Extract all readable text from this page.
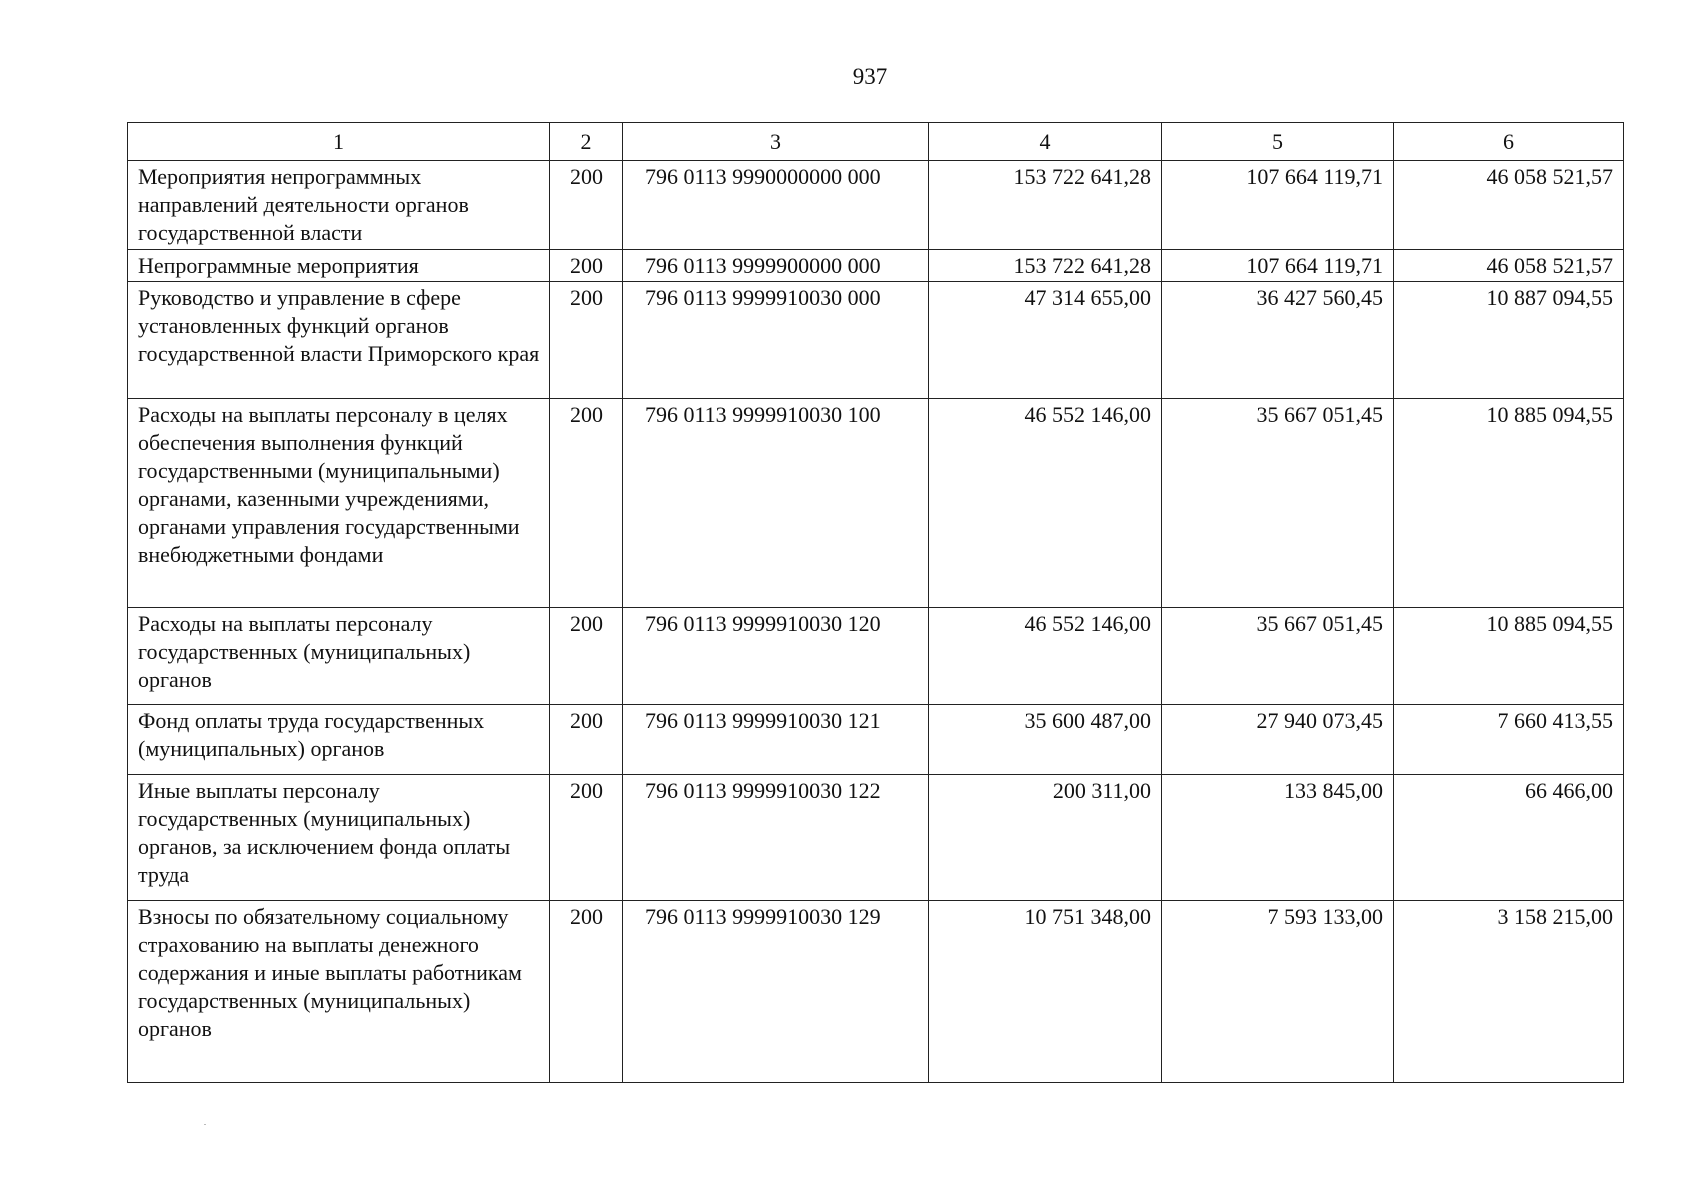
937
1	2	3	4	5	6
Мероприятия непрограммных направлений деятельности органов государственной власти	200	796 0113 9990000000 000	153 722 641,28	107 664 119,71	46 058 521,57
Непрограммные мероприятия	200	796 0113 9999900000 000	153 722 641,28	107 664 119,71	46 058 521,57
Руководство и управление в сфере установленных функций органов государственной власти Приморского края	200	796 0113 9999910030 000	47 314 655,00	36 427 560,45	10 887 094,55
Расходы на выплаты персоналу в целях обеспечения выполнения функций государственными (муниципальными) органами, казенными учреждениями, органами управления государственными внебюджетными фондами	200	796 0113 9999910030 100	46 552 146,00	35 667 051,45	10 885 094,55
Расходы на выплаты персоналу государственных (муниципальных) органов	200	796 0113 9999910030 120	46 552 146,00	35 667 051,45	10 885 094,55
Фонд оплаты труда государственных (муниципальных) органов	200	796 0113 9999910030 121	35 600 487,00	27 940 073,45	7 660 413,55
Иные выплаты персоналу государственных (муниципальных) органов, за исключением фонда оплаты труда	200	796 0113 9999910030 122	200 311,00	133 845,00	66 466,00
Взносы по обязательному социальному страхованию на выплаты денежного содержания и иные выплаты работникам государственных (муниципальных) органов	200	796 0113 9999910030 129	10 751 348,00	7 593 133,00	3 158 215,00
